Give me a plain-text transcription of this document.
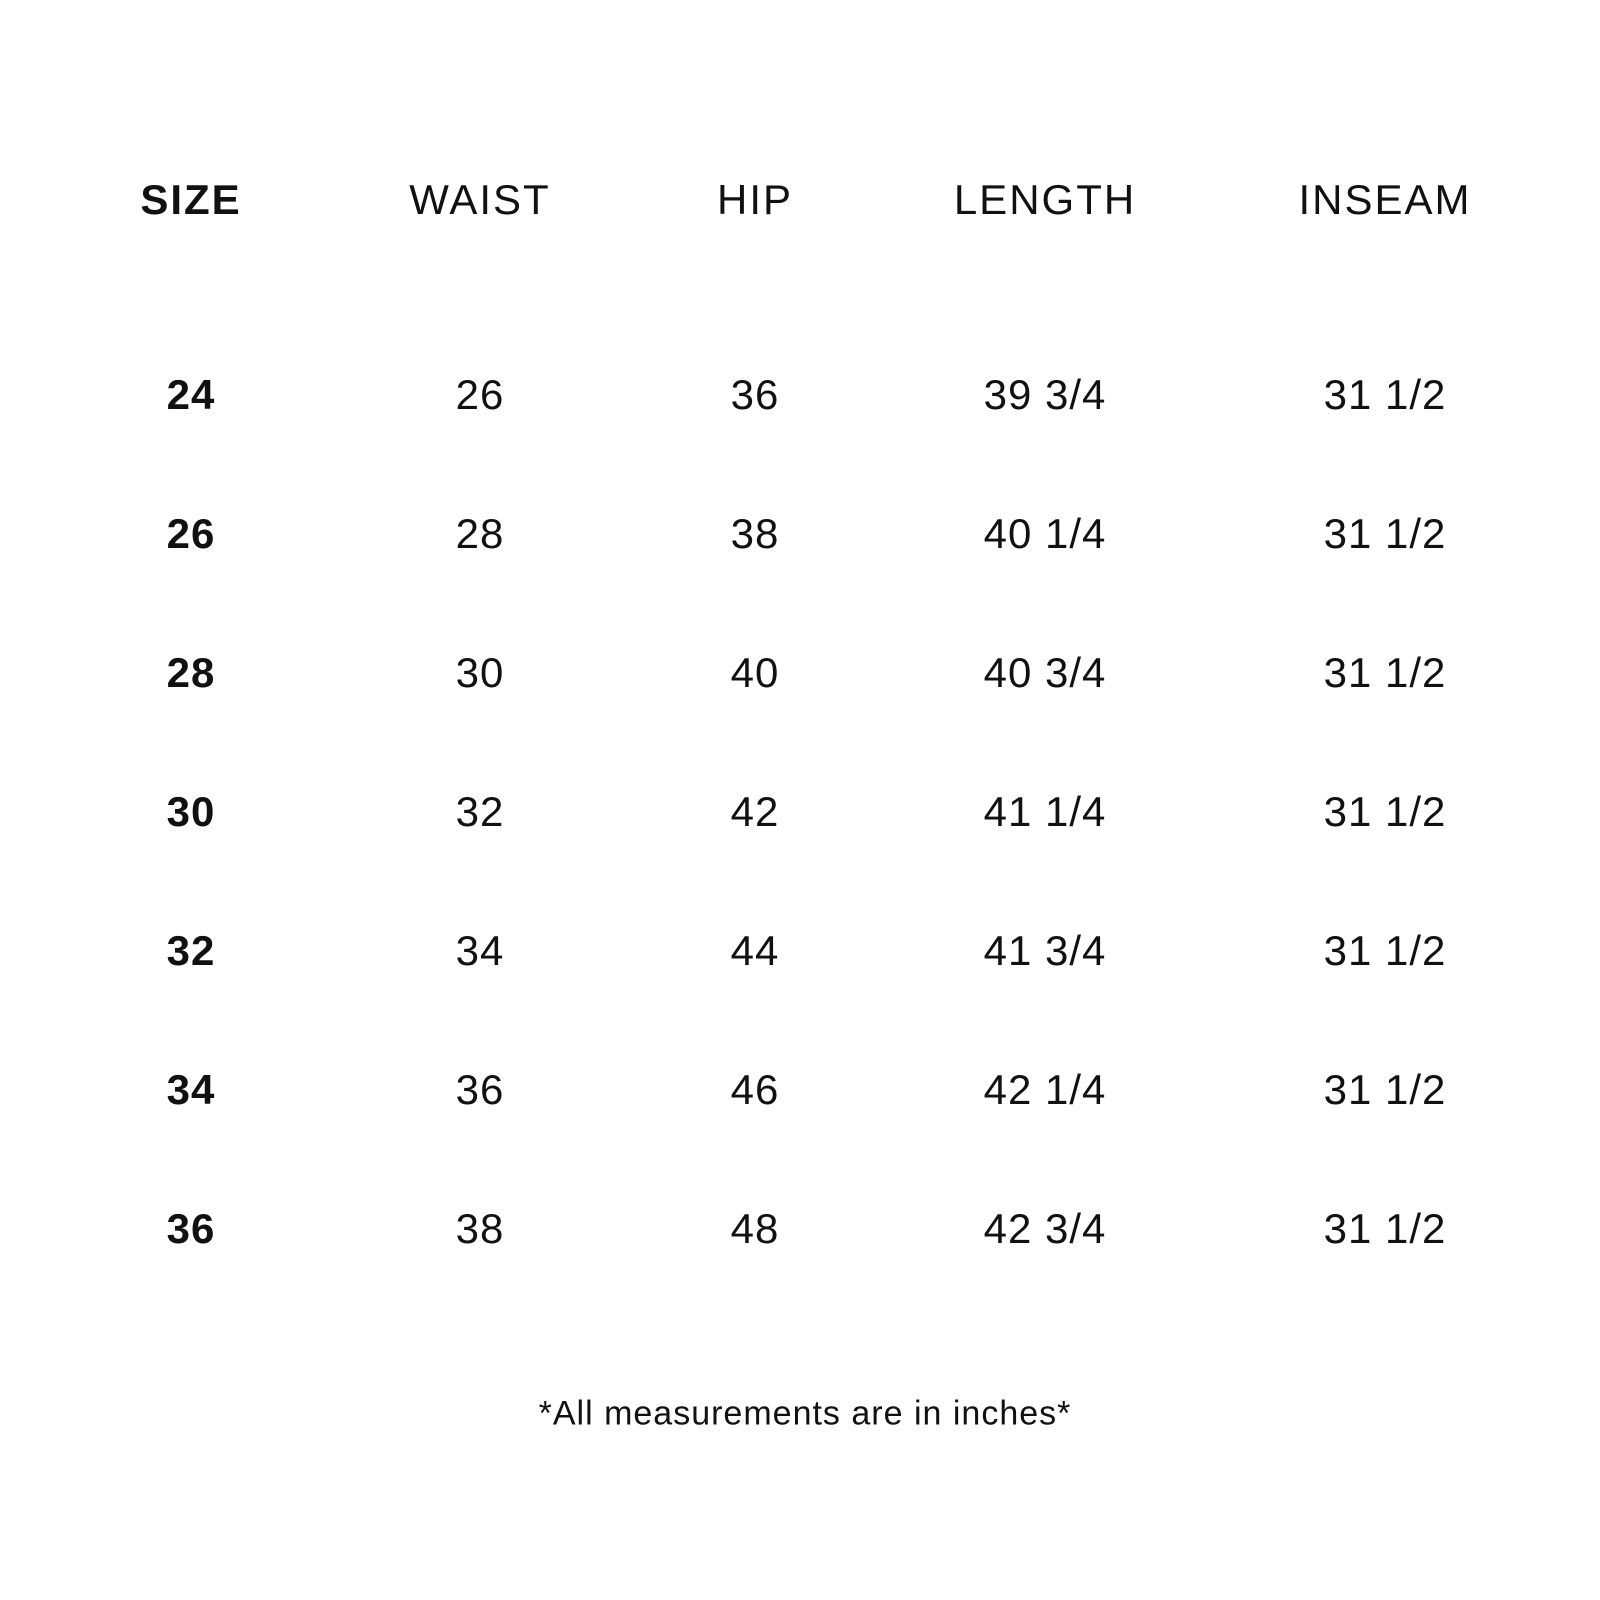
SIZE	WAIST	HIP	LENGTH	INSEAM
24	26	36	39 3/4	31 1/2
26	28	38	40 1/4	31 1/2
28	30	40	40 3/4	31 1/2
30	32	42	41 1/4	31 1/2
32	34	44	41 3/4	31 1/2
34	36	46	42 1/4	31 1/2
36	38	48	42 3/4	31 1/2
*All measurements are in inches*
